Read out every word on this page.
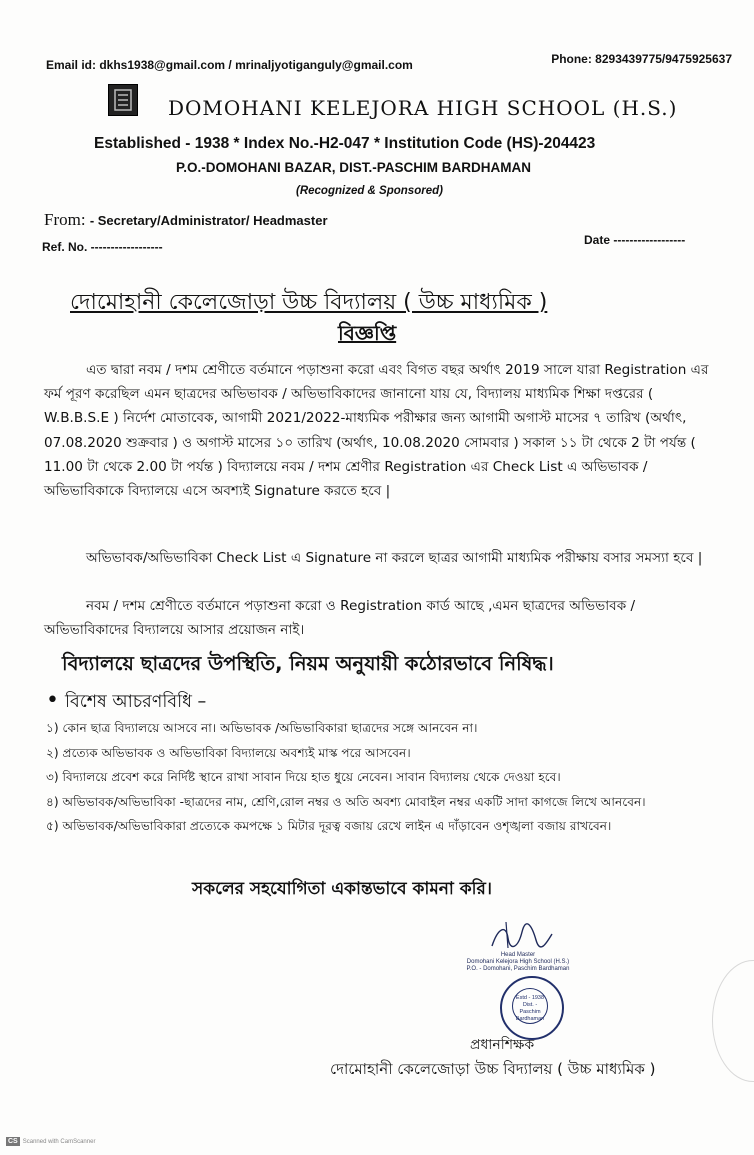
Email id: dkhs1938@gmail.com / mrinaljyotiganguly@gmail.com	Phone: 8293439775/9475925637
DOMOHANI KELEJORA HIGH SCHOOL (H.S.)
Established - 1938 * Index No.-H2-047 * Institution Code (HS)-204423
P.O.-DOMOHANI BAZAR, DIST.-PASCHIM BARDHAMAN
(Recognized & Sponsored)
From: - Secretary/Administrator/ Headmaster
Ref. No. ------------------	Date ------------------
দোমোহানী কেলেজোড়া উচ্চ বিদ্যালয় ( উচ্চ মাধ্যমিক )
বিজ্ঞপ্তি
এত দ্বারা নবম / দশম শ্রেণীতে বর্তমানে পড়াশুনা করো এবং বিগত বছর অর্থাৎ 2019 সালে যারা Registration এর ফর্ম পূরণ করেছিল এমন ছাত্রদের অভিভাবক / অভিভাবিকাদের জানানো যায় যে, বিদ্যালয় মাধ্যমিক শিক্ষা দপ্তরের ( W.B.B.S.E ) নির্দেশ মোতাবেক, আগামী 2021/2022-মাধ্যমিক পরীক্ষার জন্য আগামী অগাস্ট মাসের ৭ তারিখ (অর্থাৎ, 07.08.2020 শুক্রবার ) ও অগাস্ট মাসের ১০ তারিখ (অর্থাৎ, 10.08.2020 সোমবার ) সকাল ১১ টা থেকে 2 টা পর্যন্ত ( 11.00 টা থেকে 2.00 টা পর্যন্ত ) বিদ্যালয়ে নবম / দশম শ্রেণীর Registration এর Check List এ অভিভাবক / অভিভাবিকাকে বিদ্যালয়ে এসে অবশ্যই Signature করতে হবে |
অভিভাবক/অভিভাবিকা Check List এ Signature না করলে ছাত্রর আগামী মাধ্যমিক পরীক্ষায় বসার সমস্যা হবে |
নবম / দশম শ্রেণীতে বর্তমানে পড়াশুনা করো ও Registration কার্ড আছে ,এমন ছাত্রদের অভিভাবক / অভিভাবিকাদের বিদ্যালয়ে আসার প্রয়োজন নাই।
বিদ্যালয়ে ছাত্রদের উপস্থিতি, নিয়ম অনুযায়ী কঠোরভাবে নিষিদ্ধ।
• বিশেষ আচরণবিধি –

১) কোন ছাত্র বিদ্যালয়ে আসবে না। অভিভাবক /অভিভাবিকারা ছাত্রদের সঙ্গে আনবেন না।

২) প্রত্যেক অভিভাবক ও অভিভাবিকা বিদ্যালয়ে অবশ্যই মাস্ক পরে আসবেন।

৩) বিদ্যালয়ে প্রবেশ করে নির্দিষ্ট স্থানে রাখা সাবান দিয়ে হাত ধুয়ে নেবেন। সাবান বিদ্যালয় থেকে দেওয়া হবে।

৪) অভিভাবক/অভিভাবিকা -ছাত্রদের নাম, শ্রেণি,রোল নম্বর ও অতি অবশ্য মোবাইল নম্বর একটি সাদা কাগজে লিখে আনবেন।

৫) অভিভাবক/অভিভাবিকারা প্রত্যেকে কমপক্ষে ১ মিটার দূরত্ব বজায় রেখে লাইন এ দাঁড়াবেন ওশৃঙ্খলা বজায় রাখবেন।

সকলের সহযোগিতা একান্তভাবে কামনা করি।
Head Master
Domohani Kelejora High School (H.S.)
P.O. - Domohani, Paschim Bardhaman
Estd - 1938
Dist. - Paschim
Bardhaman
প্রধানশিক্ষক
দোমোহানী কেলেজোড়া উচ্চ বিদ্যালয় ( উচ্চ মাধ্যমিক )
CS Scanned with CamScanner
